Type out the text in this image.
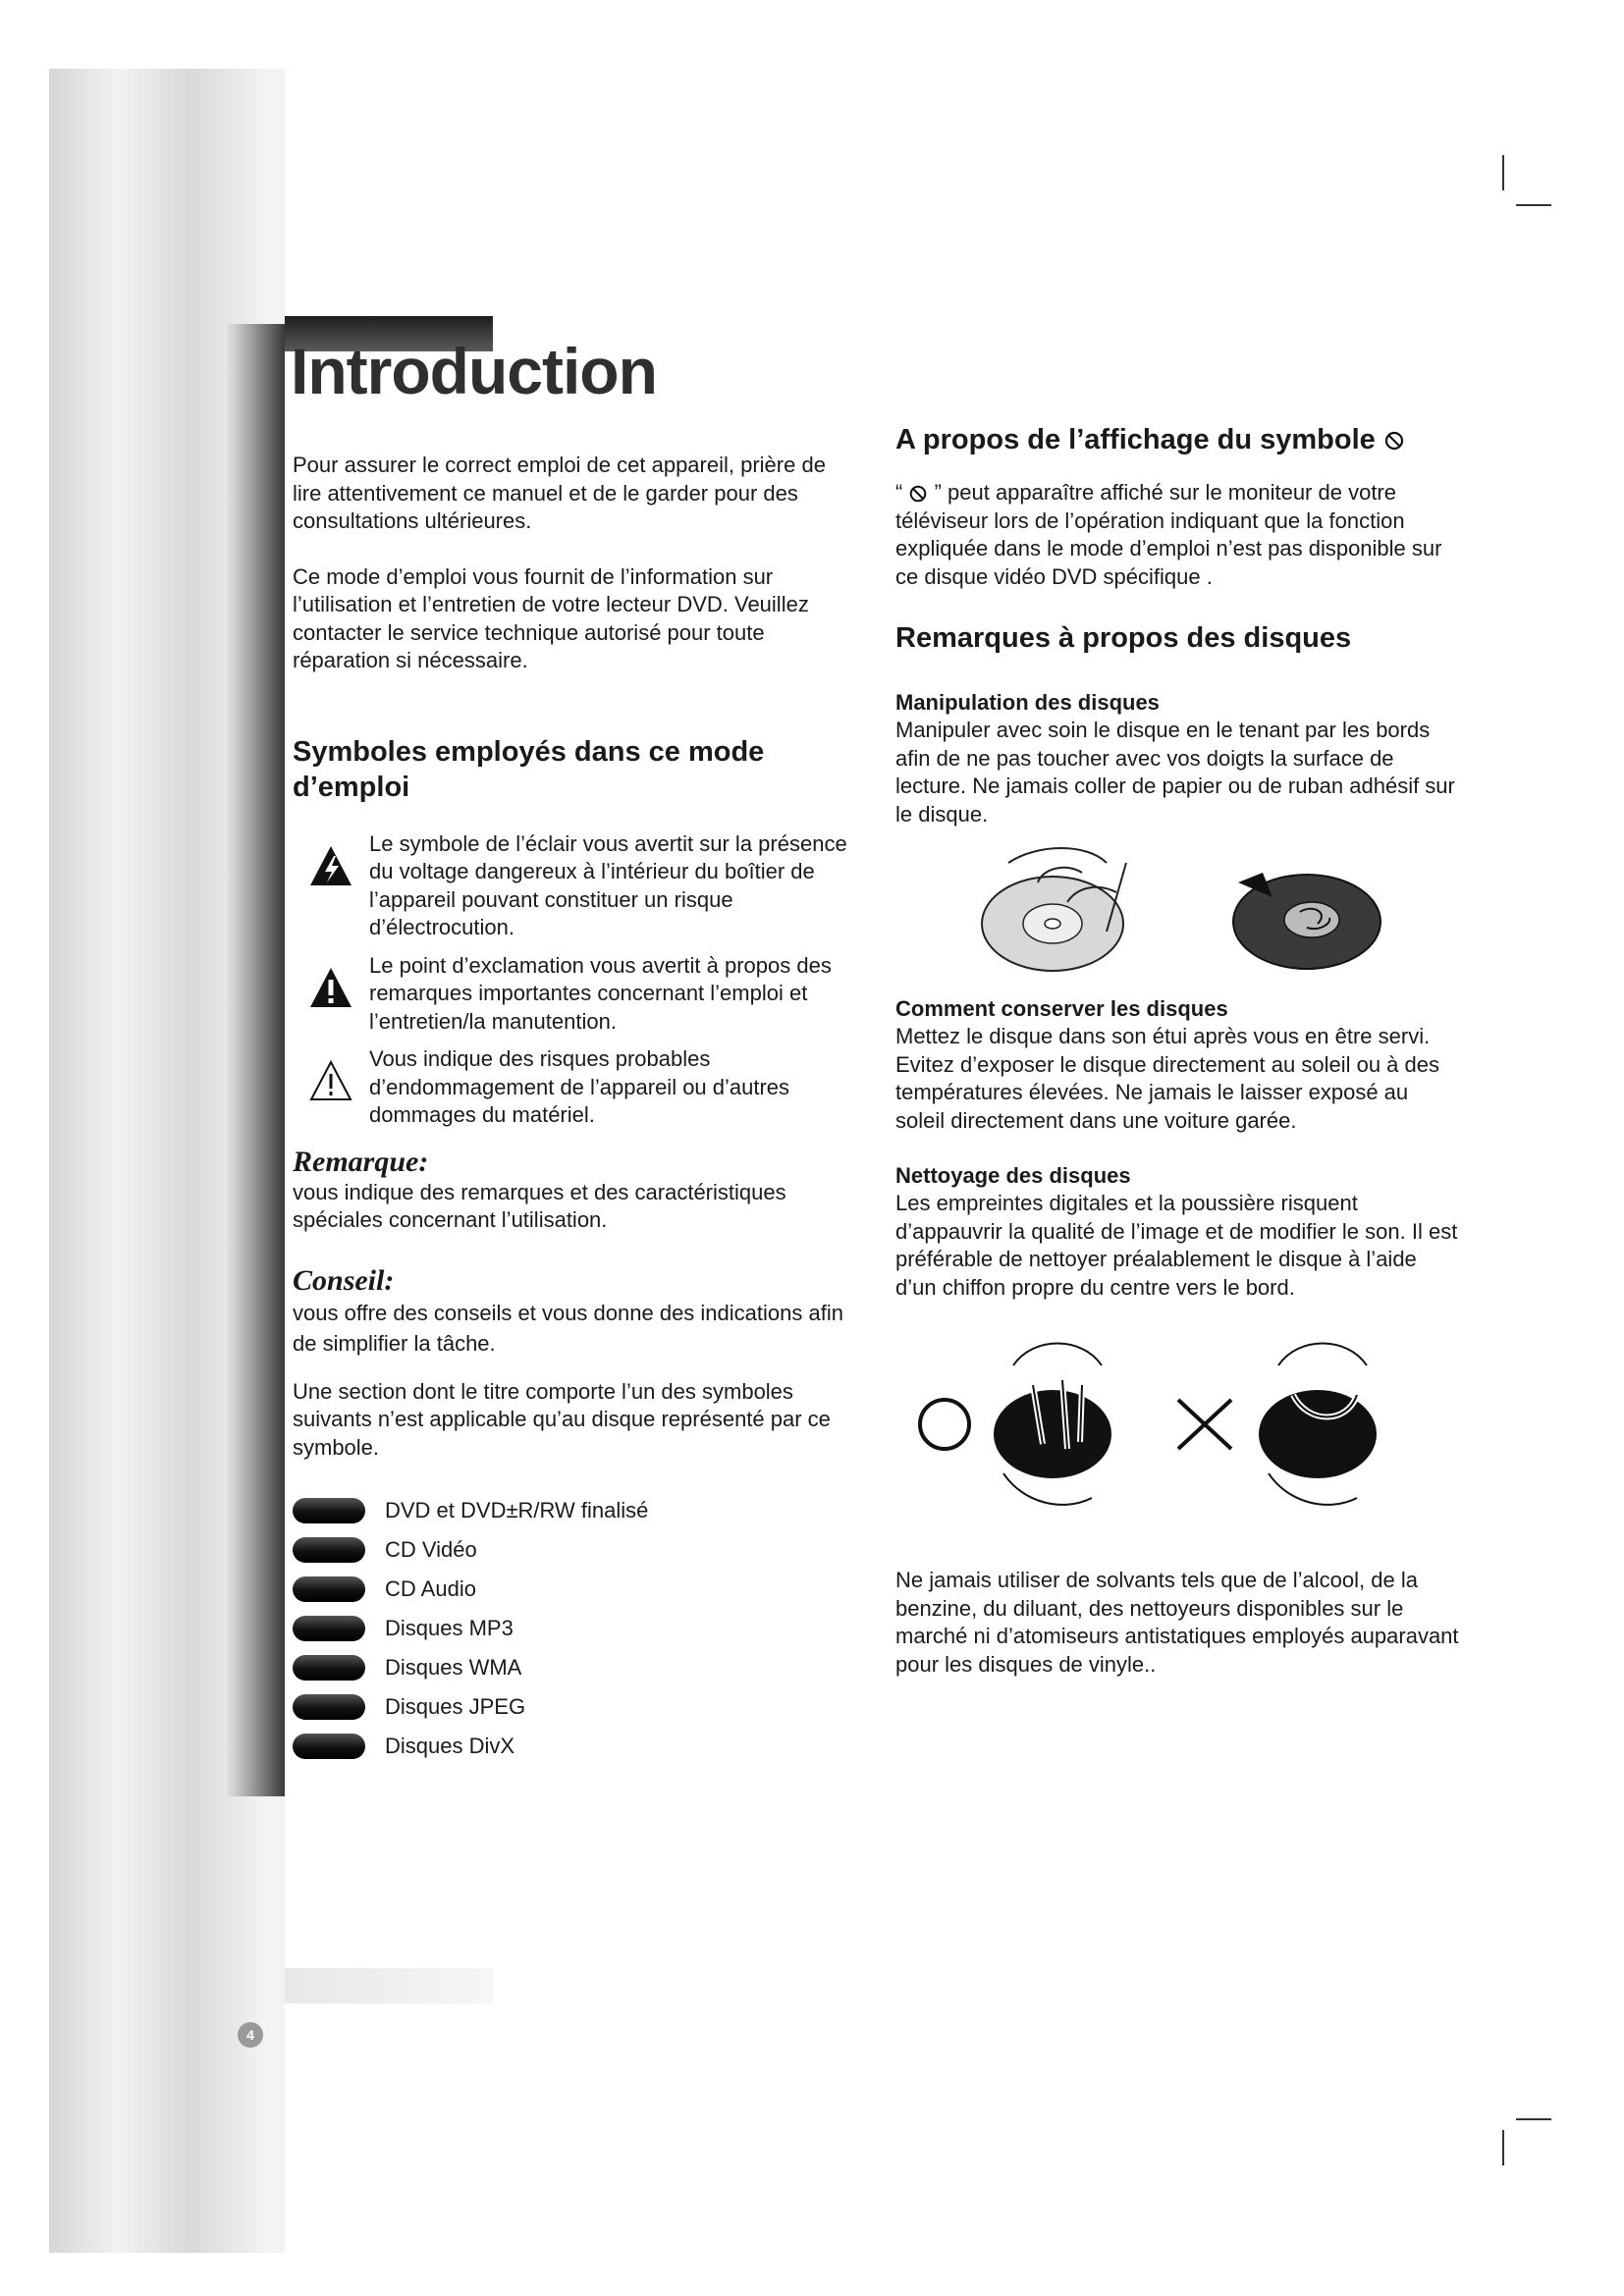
4
Introduction

Pour assurer le correct emploi de cet appareil, prière de lire attentivement ce manuel et de le garder pour des consultations ultérieures.

Ce mode d’emploi vous fournit de l’information sur l’utilisation et l’entretien de votre lecteur DVD. Veuillez contacter le service technique autorisé pour toute réparation si nécessaire.

Symboles employés dans ce mode d’emploi

Le symbole de l’éclair vous avertit sur la présence du voltage dangereux à l’intérieur du boîtier de l’appareil pouvant constituer un risque d’électrocution.

Le point d’exclamation vous avertit à propos des remarques importantes concernant l’emploi et l’entretien/la manutention.

Vous indique des risques probables d’endommagement de l’appareil ou d’autres dommages du matériel.

Remarque:

vous indique des remarques et des caractéristiques spéciales concernant l’utilisation.

Conseil:

vous offre des conseils et vous donne des indications afin de simplifier la tâche.

Une section dont le titre comporte l’un des symboles suivants n’est applicable qu’au disque représenté par ce symbole.

DVD et DVD±R/RW finalisé
CD Vidéo
CD Audio
Disques MP3
Disques WMA
Disques JPEG
Disques DivX
A propos de l’affichage du symbole

“ ” peut apparaître affiché sur le moniteur de votre téléviseur lors de l’opération indiquant que la fonction expliquée dans le mode d’emploi n’est pas disponible sur ce disque vidéo DVD spécifique .

Remarques à propos des disques
Manipulation des disques

Manipuler avec soin le disque en le tenant par les bords afin de ne pas toucher avec vos doigts la surface de lecture. Ne jamais coller de papier ou de ruban adhésif sur le disque.

Comment conserver les disques

Mettez le disque dans son étui après vous en être servi. Evitez d’exposer le disque directement au soleil ou à des températures élevées. Ne jamais le laisser exposé au soleil directement dans une voiture garée.

Nettoyage des disques

Les empreintes digitales et la poussière risquent d’appauvrir la qualité de l’image et de modifier le son. Il est préférable de nettoyer préalablement le disque à l’aide d’un chiffon propre du centre vers le bord.

Ne jamais utiliser de solvants tels que de l’alcool, de la benzine, du diluant, des nettoyeurs disponibles sur le marché ni d’atomiseurs antistatiques employés auparavant pour les disques de vinyle..
